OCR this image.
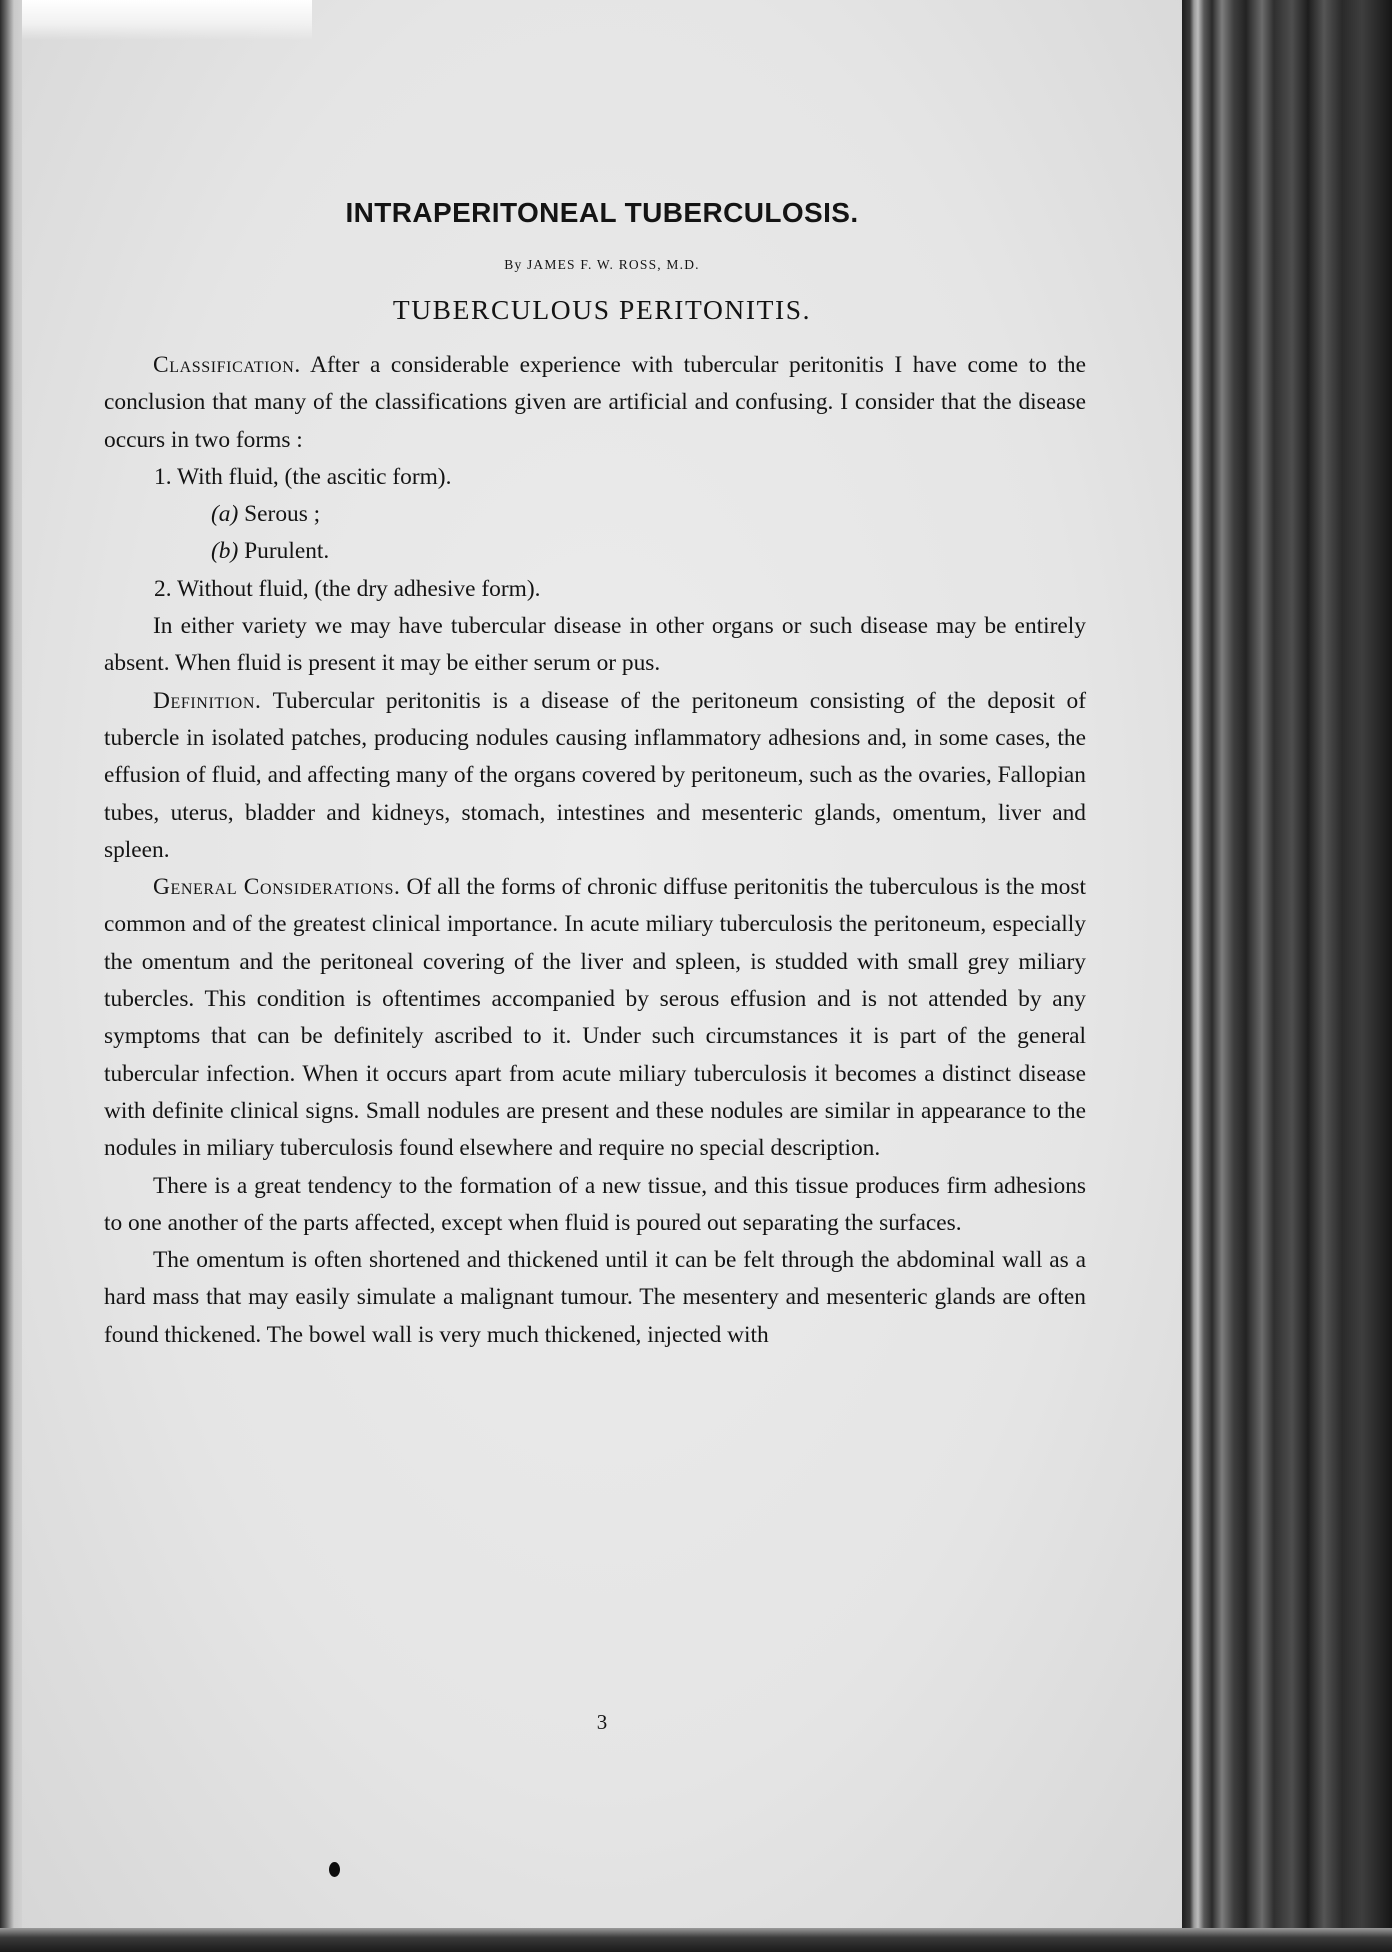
INTRAPERITONEAL TUBERCULOSIS.

By JAMES F. W. ROSS, M.D.

TUBERCULOUS PERITONITIS.

Classification. After a considerable experience with tubercular peritonitis I have come to the conclusion that many of the classifications given are artificial and confusing. I consider that the disease occurs in two forms :

1. With fluid, (the ascitic form).
(a) Serous ;
(b) Purulent.
2. Without fluid, (the dry adhesive form).

In either variety we may have tubercular disease in other organs or such disease may be entirely absent. When fluid is present it may be either serum or pus.

Definition. Tubercular peritonitis is a disease of the peritoneum consisting of the deposit of tubercle in isolated patches, producing nodules causing inflammatory adhesions and, in some cases, the effusion of fluid, and affecting many of the organs covered by peritoneum, such as the ovaries, Fallopian tubes, uterus, bladder and kidneys, stomach, intestines and mesenteric glands, omentum, liver and spleen.

General Considerations. Of all the forms of chronic diffuse peritonitis the tuberculous is the most common and of the greatest clinical importance. In acute miliary tuberculosis the peritoneum, especially the omentum and the peritoneal covering of the liver and spleen, is studded with small grey miliary tubercles. This condition is oftentimes accompanied by serous effusion and is not attended by any symptoms that can be definitely ascribed to it. Under such circumstances it is part of the general tubercular infection. When it occurs apart from acute miliary tuberculosis it becomes a distinct disease with definite clinical signs. Small nodules are present and these nodules are similar in appearance to the nodules in miliary tuberculosis found elsewhere and require no special description.

There is a great tendency to the formation of a new tissue, and this tissue produces firm adhesions to one another of the parts affected, except when fluid is poured out separating the surfaces.

The omentum is often shortened and thickened until it can be felt through the abdominal wall as a hard mass that may easily simulate a malignant tumour. The mesentery and mesenteric glands are often found thickened. The bowel wall is very much thickened, injected with

3
